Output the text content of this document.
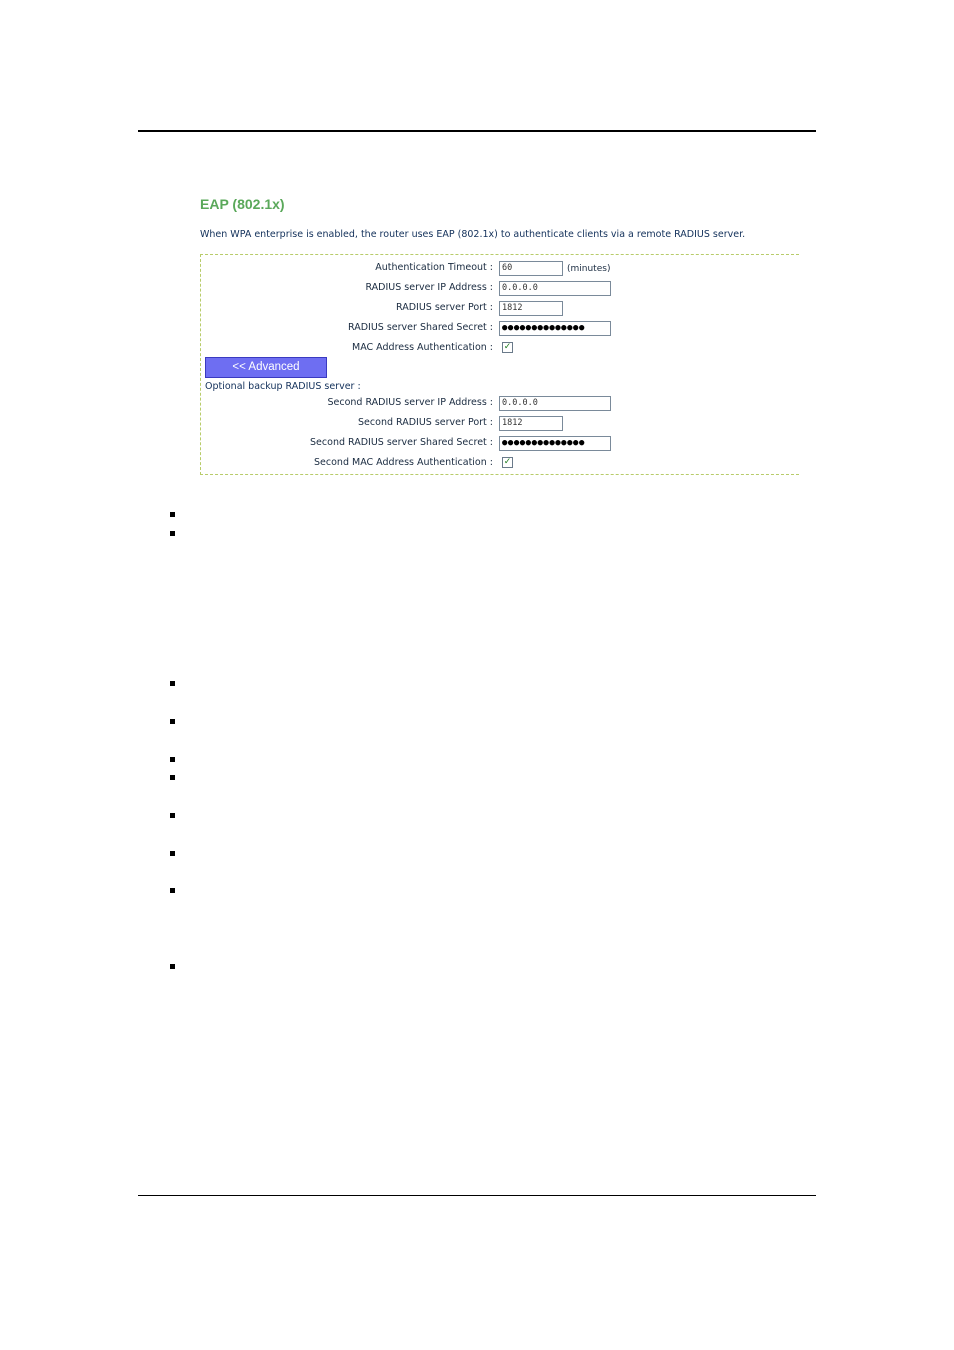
EAP (802.1x)
When WPA enterprise is enabled, the router uses EAP (802.1x) to authenticate clients via a remote RADIUS server.
Authentication Timeout :	60	(minutes)
RADIUS server IP Address :	0.0.0.0
RADIUS server Port :	1812
RADIUS server Shared Secret :	●●●●●●●●●●●●●●
MAC Address Authentication : ✓
<< Advanced
Optional backup RADIUS server :
Second RADIUS server IP Address :	0.0.0.0
Second RADIUS server Port :	1812
Second RADIUS server Shared Secret :	●●●●●●●●●●●●●●
Second MAC Address Authentication : ✓
